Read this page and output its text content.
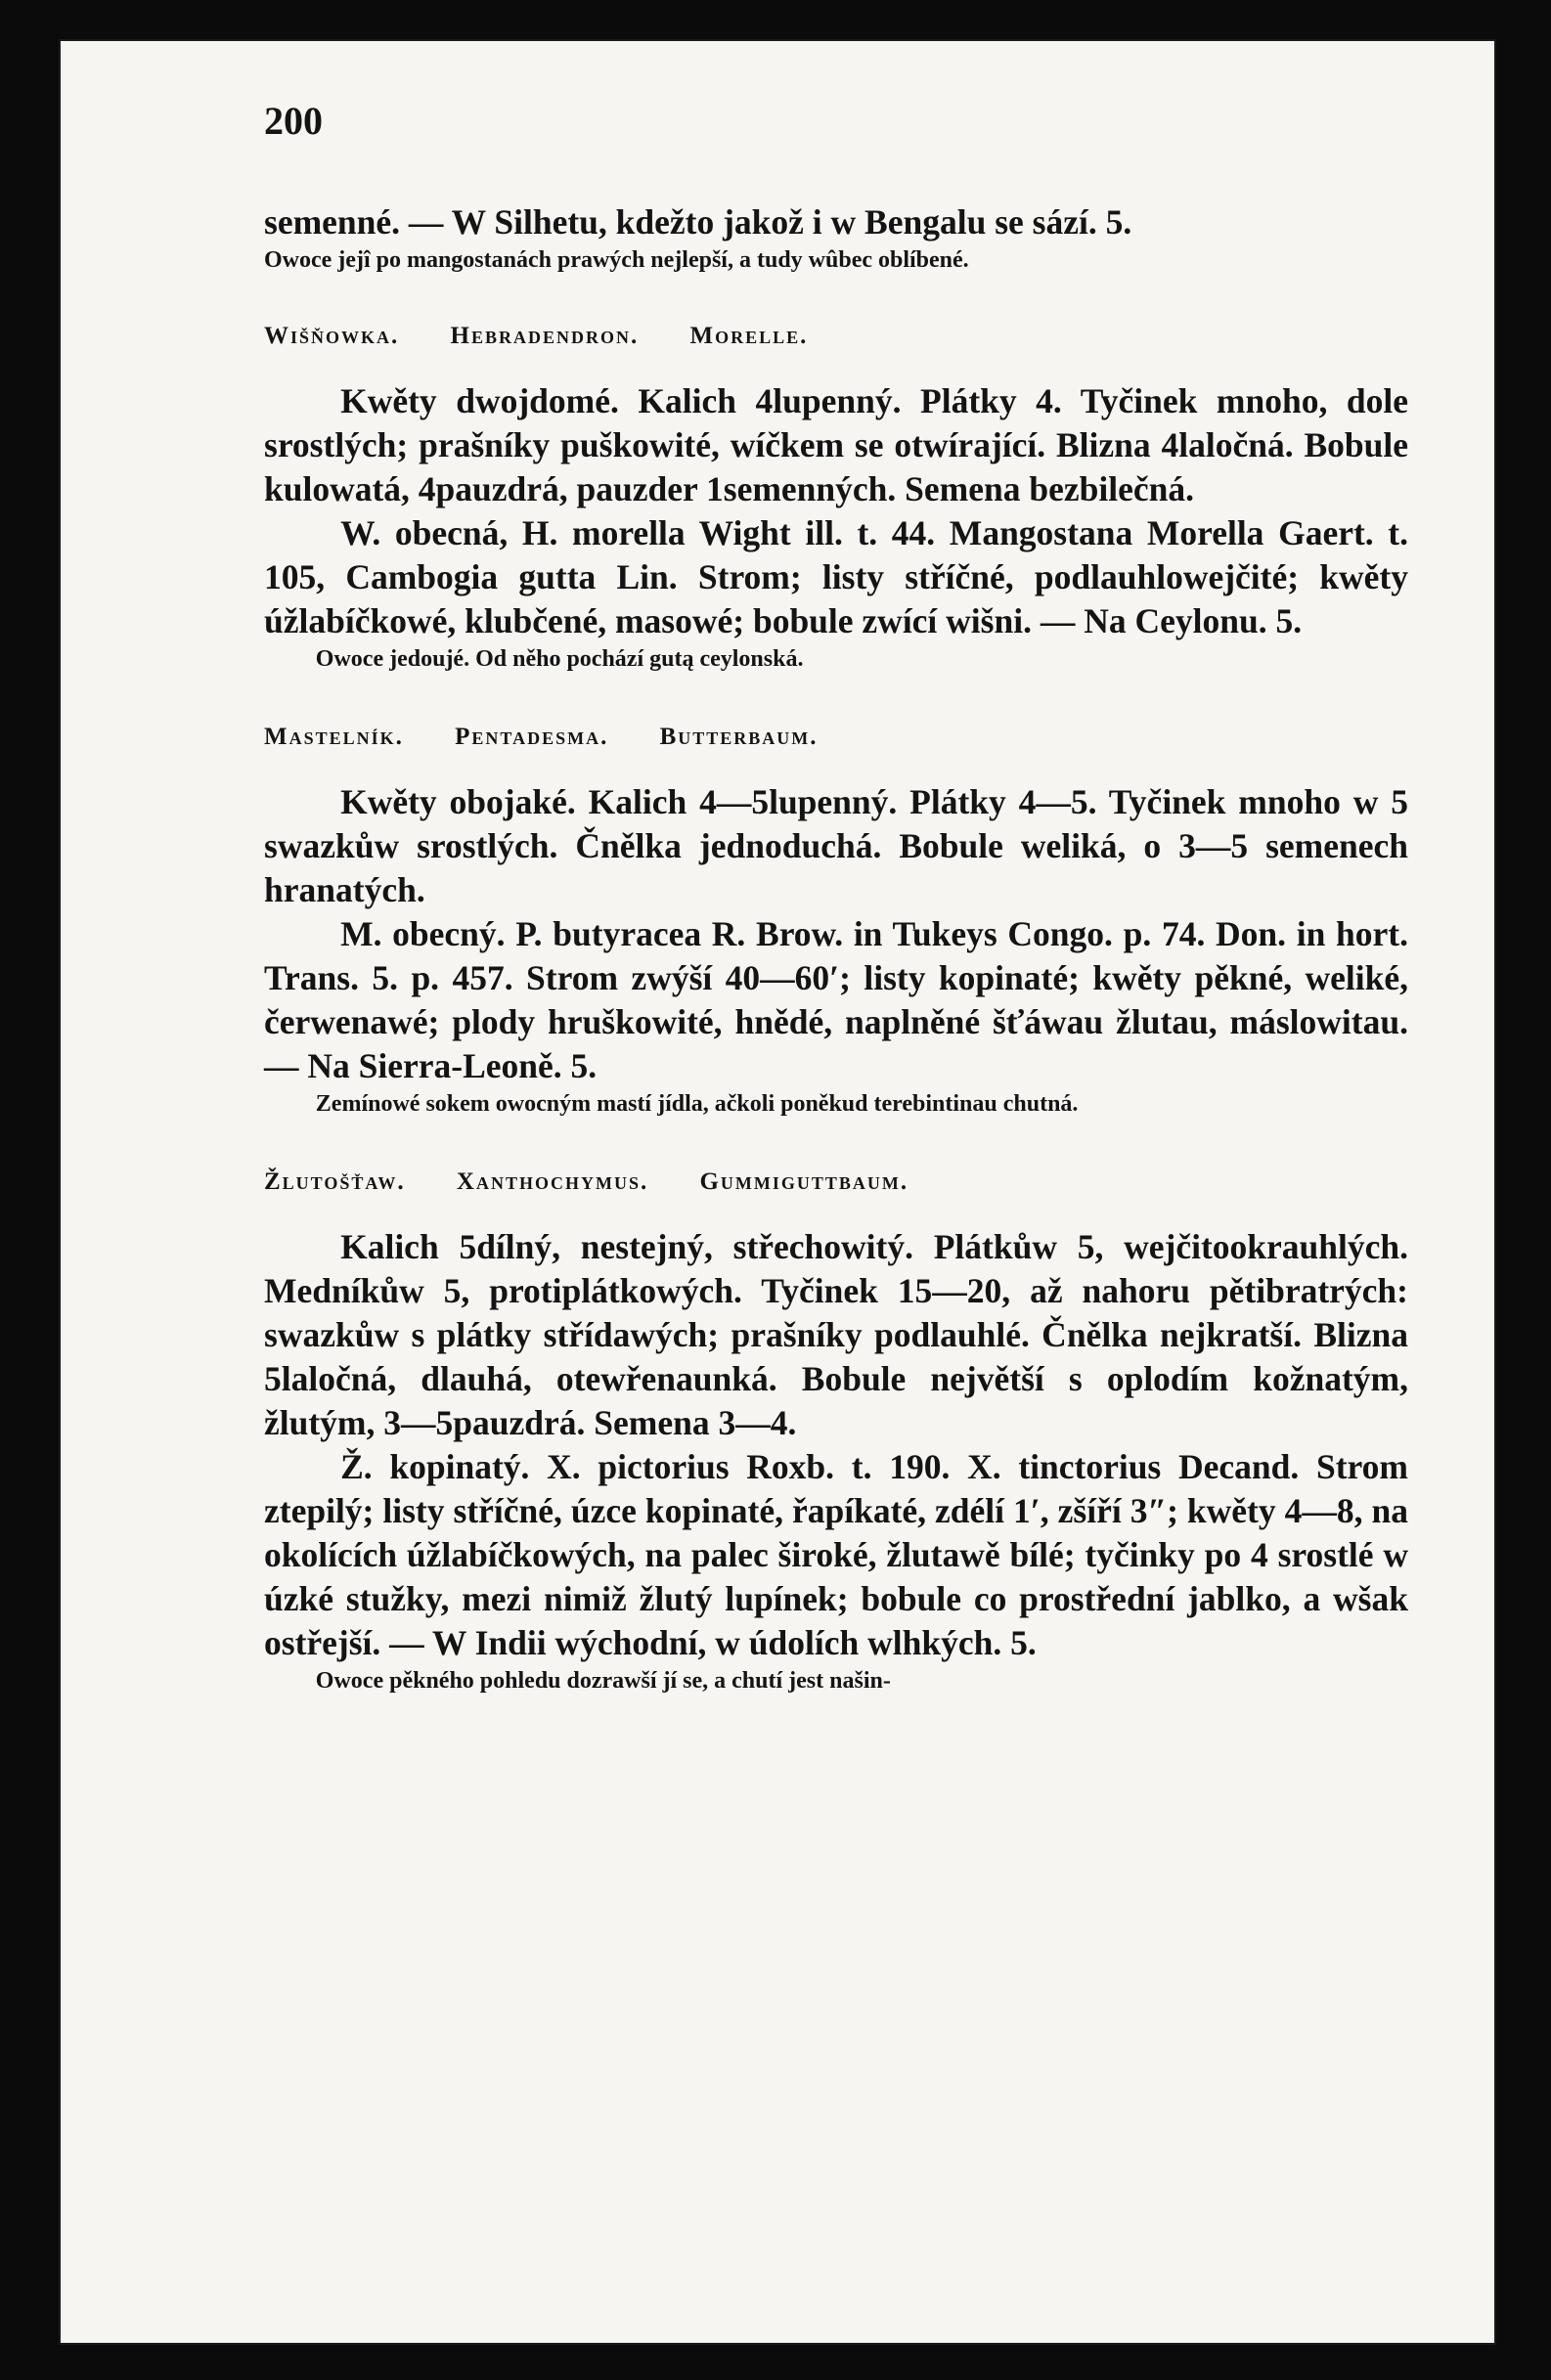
200

semenné. — W Silhetu, kdežto jakož i w Bengalu se sází. 5.

Owoce jejî po mangostanách prawých nejlepší, a tudy wûbec oblíbené.

Wišňowka. Hebradendron. Morelle.

Kwěty dwojdomé. Kalich 4lupenný. Plátky 4. Tyčinek mnoho, dole srostlých; prašníky puškowité, wíčkem se otwírající. Blizna 4laločná. Bobule kulowatá, 4pauzdrá, pauzder 1semenných. Semena bezbilečná.

W. obecná, H. morella Wight ill. t. 44. Mangostana Morella Gaert. t. 105, Cambogia gutta Lin. Strom; listy stříčné, podlauhlowejčité; kwěty úžlabíčkowé, klubčené, masowé; bobule zwící wišni. — Na Ceylonu. 5.

Owoce jedoujé. Od něho pochází gutą ceylonská.

Mastelník. Pentadesma. Butterbaum.

Kwěty obojaké. Kalich 4—5lupenný. Plátky 4—5. Tyčinek mnoho w 5 swazkůw srostlých. Čnělka jednoduchá. Bobule weliká, o 3—5 semenech hranatých.

M. obecný. P. butyracea R. Brow. in Tukeys Congo. p. 74. Don. in hort. Trans. 5. p. 457. Strom zwýší 40—60′; listy kopinaté; kwěty pěkné, weliké, čerwenawé; plody hruškowité, hnědé, naplněné šťáwau žlutau, máslowitau. — Na Sierra-Leoně. 5.

Zemínowé sokem owocným mastí jídla, ačkoli poněkud terebintinau chutná.

Žlutošťaw. Xanthochymus. Gummiguttbaum.

Kalich 5dílný, nestejný, střechowitý. Plátkůw 5, wejčitookrauhlých. Medníkůw 5, protiplátkowých. Tyčinek 15—20, až nahoru pětibratrých: swazkůw s plátky střídawých; prašníky podlauhlé. Čnělka nejkratší. Blizna 5laločná, dlauhá, otewřenaunká. Bobule největší s oplodím kožnatým, žlutým, 3—5pauzdrá. Semena 3—4.

Ž. kopinatý. X. pictorius Roxb. t. 190. X. tinctorius Decand. Strom ztepilý; listy stříčné, úzce kopinaté, řapíkaté, zdélí 1′, zšíří 3″; kwěty 4—8, na okolících úžlabíčkowých, na palec široké, žlutawě bílé; tyčinky po 4 srostlé w úzké stužky, mezi nimiž žlutý lupínek; bobule co prostřední jablko, a wšak ostřejší. — W Indii wýchodní, w údolích wlhkých. 5.

Owoce pěkného pohledu dozrawší jí se, a chutí jest našin-
